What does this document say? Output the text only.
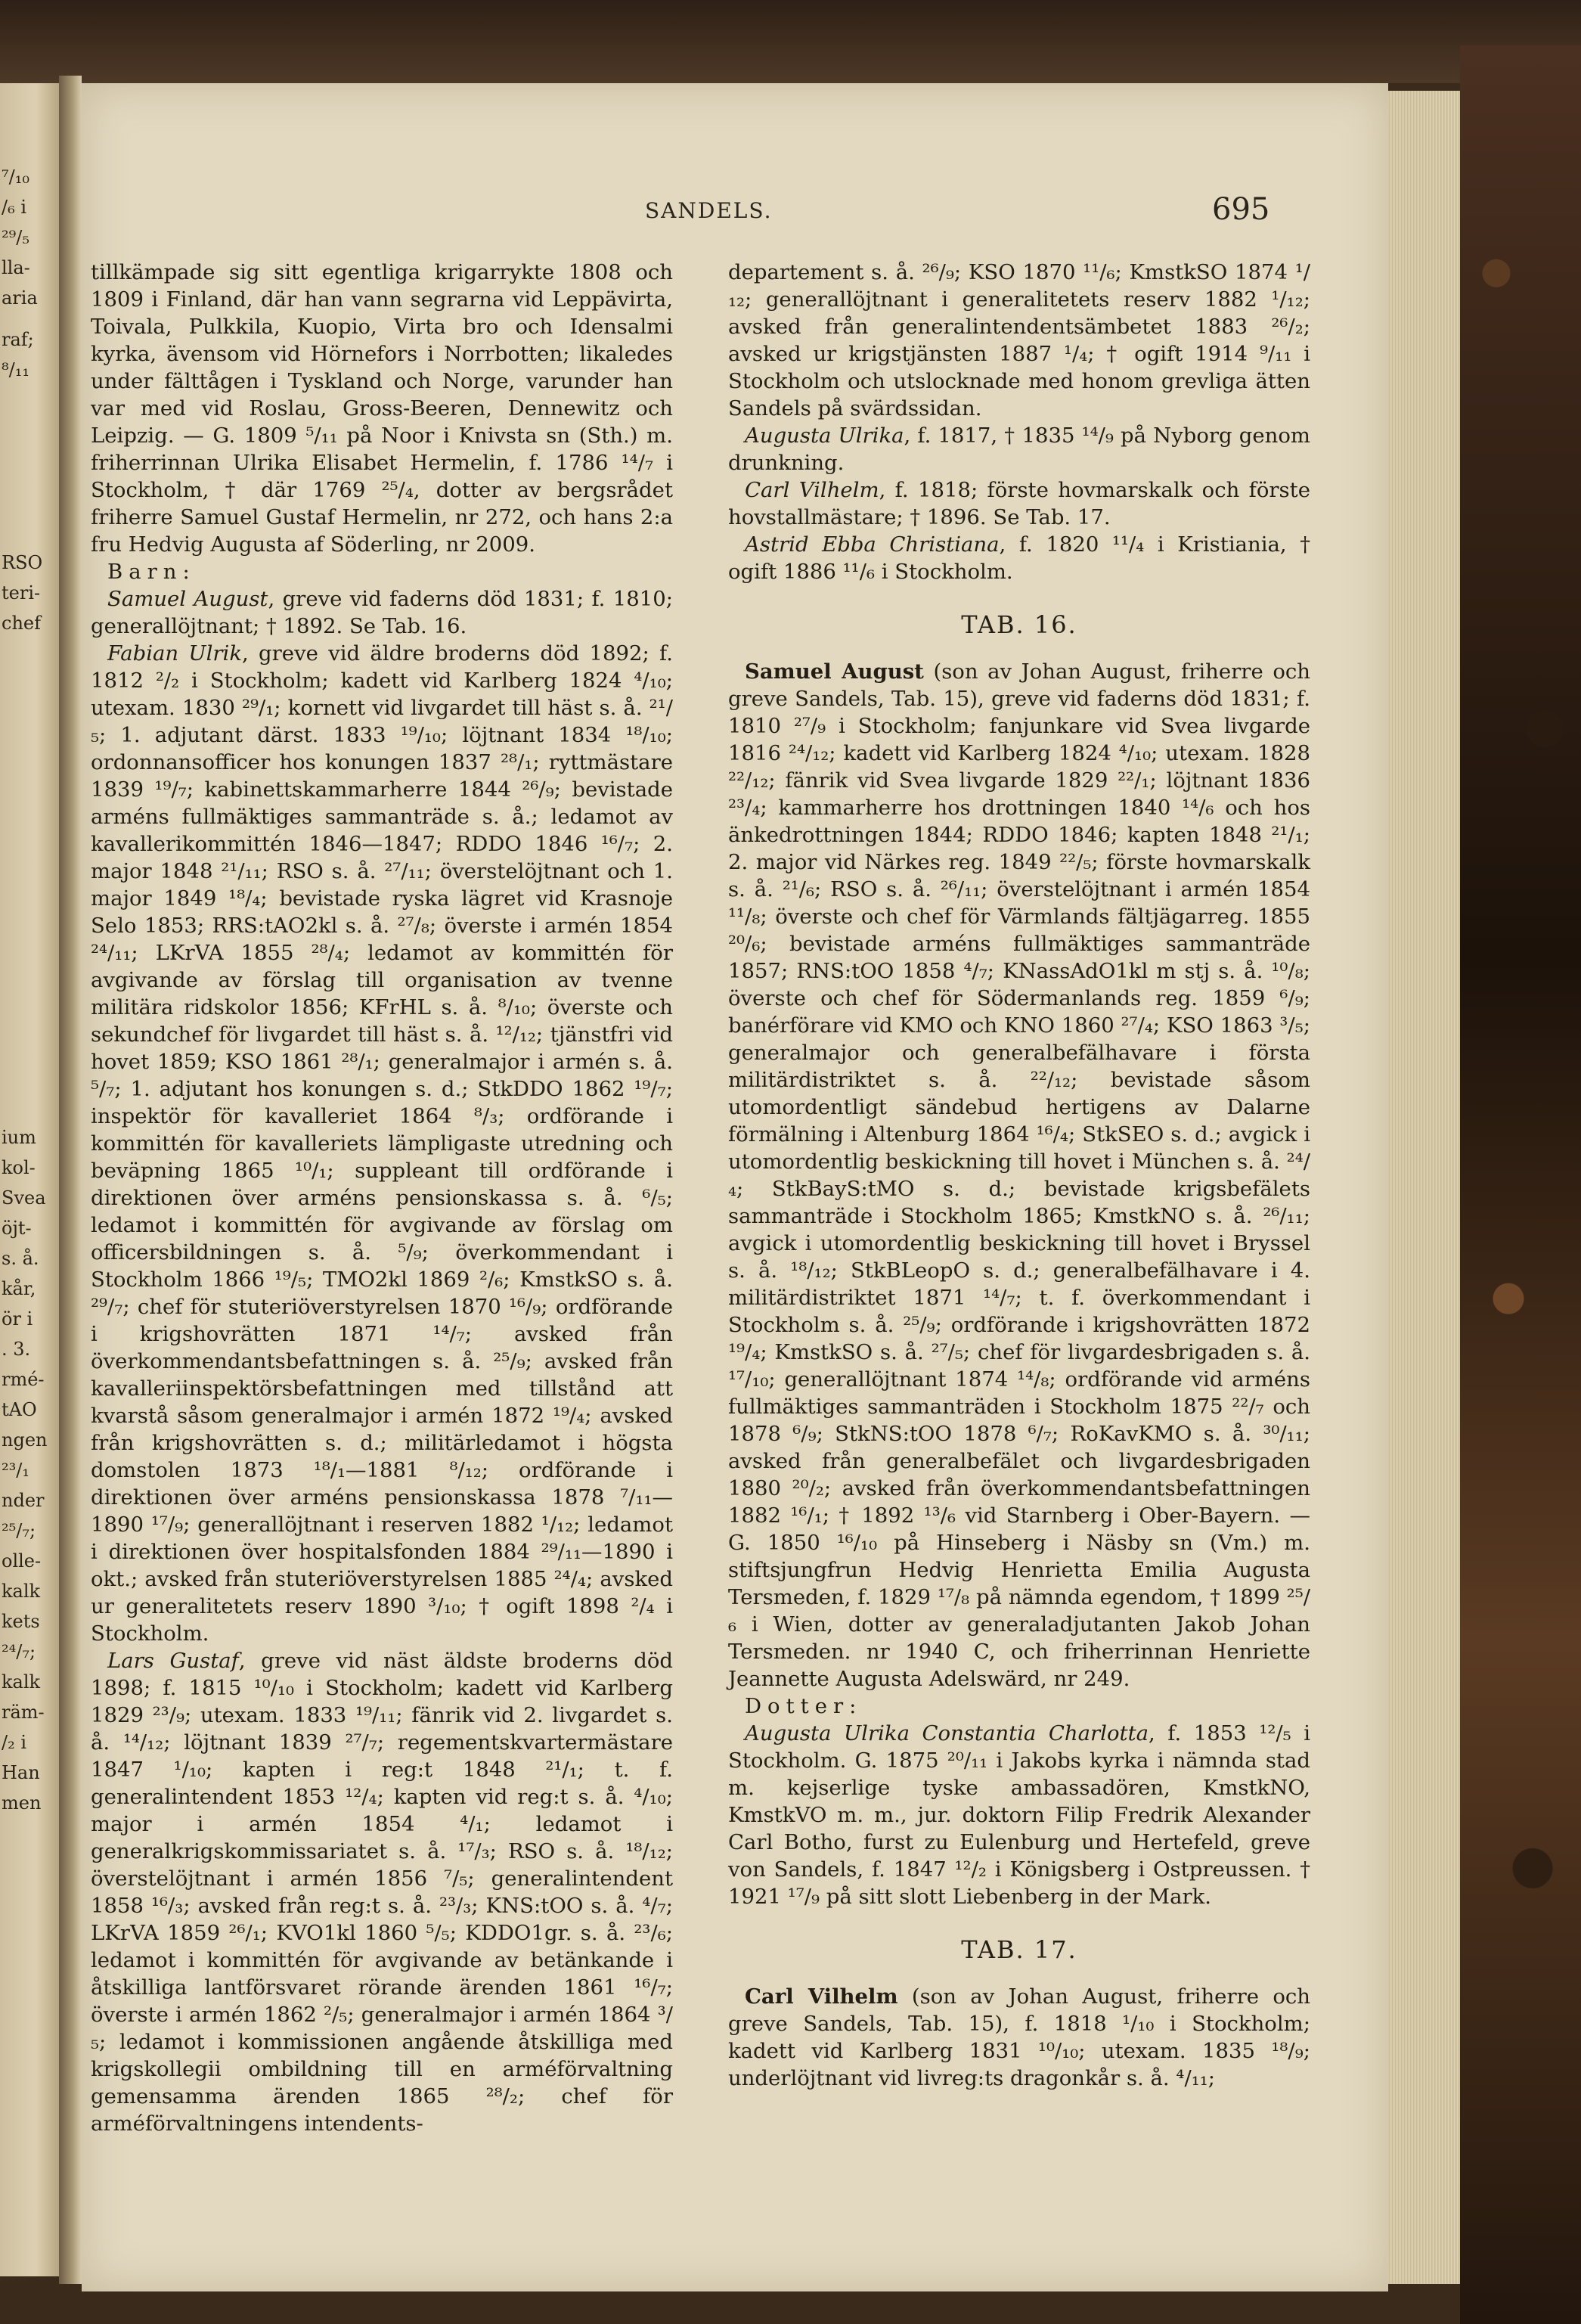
⁷/₁₀
/₆ i
²⁹/₅
lla-
aria
raf;
⁸/₁₁
RSO
teri-
chef
ium
kol-
Svea
öjt-
s. å.
kår,
ör i
. 3.
rmé-
tAO
ngen
²³/₁
nder
²⁵/₇;
olle-
kalk
kets
²⁴/₇;
kalk
räm-
/₂ i
Han
men
SANDELS.	695

tillkämpade sig sitt egentliga krigarrykte 1808 och 1809 i Finland, där han vann segrarna vid Leppävirta, Toivala, Pulkkila, Kuopio, Virta bro och Idensalmi kyrka, ävensom vid Hörnefors i Norrbotten; likaledes under fälttågen i Tyskland och Norge, varunder han var med vid Roslau, Gross-Beeren, Dennewitz och Leipzig. — G. 1809 ⁵/₁₁ på Noor i Knivsta sn (Sth.) m. friherrinnan Ulrika Elisabet Hermelin, f. 1786 ¹⁴/₇ i Stockholm, † där 1769 ²⁵/₄, dotter av bergsrådet friherre Samuel Gustaf Hermelin, nr 272, och hans 2:a fru Hedvig Augusta af Söderling, nr 2009.

Barn:

Samuel August, greve vid faderns död 1831; f. 1810; generallöjtnant; † 1892. Se Tab. 16.

Fabian Ulrik, greve vid äldre broderns död 1892; f. 1812 ²/₂ i Stockholm; kadett vid Karlberg 1824 ⁴/₁₀; utexam. 1830 ²⁹/₁; kornett vid livgardet till häst s. å. ²¹/₅; 1. adjutant därst. 1833 ¹⁹/₁₀; löjtnant 1834 ¹⁸/₁₀; ordonnansofficer hos konungen 1837 ²⁸/₁; ryttmästare 1839 ¹⁹/₇; kabinettskammarherre 1844 ²⁶/₉; bevistade arméns fullmäktiges sammanträde s. å.; ledamot av kavallerikommittén 1846—1847; RDDO 1846 ¹⁶/₇; 2. major 1848 ²¹/₁₁; RSO s. å. ²⁷/₁₁; överstelöjtnant och 1. major 1849 ¹⁸/₄; bevistade ryska lägret vid Krasnoje Selo 1853; RRS:tAO2kl s. å. ²⁷/₈; överste i armén 1854 ²⁴/₁₁; LKrVA 1855 ²⁸/₄; ledamot av kommittén för avgivande av förslag till organisation av tvenne militära ridskolor 1856; KFrHL s. å. ⁸/₁₀; överste och sekundchef för livgardet till häst s. å. ¹²/₁₂; tjänstfri vid hovet 1859; KSO 1861 ²⁸/₁; generalmajor i armén s. å. ⁵/₇; 1. adjutant hos konungen s. d.; StkDDO 1862 ¹⁹/₇; inspektör för kavalleriet 1864 ⁸/₃; ordförande i kommittén för kavalleriets lämpligaste utredning och beväpning 1865 ¹⁰/₁; suppleant till ordförande i direktionen över arméns pensionskassa s. å. ⁶/₅; ledamot i kommittén för avgivande av förslag om officersbildningen s. å. ⁵/₉; överkommendant i Stockholm 1866 ¹⁹/₅; TMO2kl 1869 ²/₆; KmstkSO s. å. ²⁹/₇; chef för stuteriöverstyrelsen 1870 ¹⁶/₉; ordförande i krigshovrätten 1871 ¹⁴/₇; avsked från överkommendantsbefattningen s. å. ²⁵/₉; avsked från kavalleriinspektörsbefattningen med tillstånd att kvarstå såsom generalmajor i armén 1872 ¹⁹/₄; avsked från krigshovrätten s. d.; militärledamot i högsta domstolen 1873 ¹⁸/₁—1881 ⁸/₁₂; ordförande i direktionen över arméns pensionskassa 1878 ⁷/₁₁—1890 ¹⁷/₉; generallöjtnant i reserven 1882 ¹/₁₂; ledamot i direktionen över hospitalsfonden 1884 ²⁹/₁₁—1890 i okt.; avsked från stuteriöverstyrelsen 1885 ²⁴/₄; avsked ur generalitetets reserv 1890 ³/₁₀; † ogift 1898 ²/₄ i Stockholm.

Lars Gustaf, greve vid näst äldste broderns död 1898; f. 1815 ¹⁰/₁₀ i Stockholm; kadett vid Karlberg 1829 ²³/₉; utexam. 1833 ¹⁹/₁₁; fänrik vid 2. livgardet s. å. ¹⁴/₁₂; löjtnant 1839 ²⁷/₇; regementskvartermästare 1847 ¹/₁₀; kapten i reg:t 1848 ²¹/₁; t. f. generalintendent 1853 ¹²/₄; kapten vid reg:t s. å. ⁴/₁₀; major i armén 1854 ⁴/₁; ledamot i generalkrigskommissariatet s. å. ¹⁷/₃; RSO s. å. ¹⁸/₁₂; överstelöjtnant i armén 1856 ⁷/₅; generalintendent 1858 ¹⁶/₃; avsked från reg:t s. å. ²³/₃; KNS:tOO s. å. ⁴/₇; LKrVA 1859 ²⁶/₁; KVO1kl 1860 ⁵/₅; KDDO1gr. s. å. ²³/₆; ledamot i kommittén för avgivande av betänkande i åtskilliga lantförsvaret rörande ärenden 1861 ¹⁶/₇; överste i armén 1862 ²/₅; generalmajor i armén 1864 ³/₅; ledamot i kommissionen angående åtskilliga med krigskollegii ombildning till en arméförvaltning gemensamma ärenden 1865 ²⁸/₂; chef för arméförvaltningens intendents-

departement s. å. ²⁶/₉; KSO 1870 ¹¹/₆; KmstkSO 1874 ¹/₁₂; generallöjtnant i generalitetets reserv 1882 ¹/₁₂; avsked från generalintendentsämbetet 1883 ²⁶/₂; avsked ur krigstjänsten 1887 ¹/₄; † ogift 1914 ⁹/₁₁ i Stockholm och utslocknade med honom grevliga ätten Sandels på svärdssidan.

Augusta Ulrika, f. 1817, † 1835 ¹⁴/₉ på Nyborg genom drunkning.

Carl Vilhelm, f. 1818; förste hovmarskalk och förste hovstallmästare; † 1896. Se Tab. 17.

Astrid Ebba Christiana, f. 1820 ¹¹/₄ i Kristiania, † ogift 1886 ¹¹/₆ i Stockholm.

TAB. 16.

Samuel August (son av Johan August, friherre och greve Sandels, Tab. 15), greve vid faderns död 1831; f. 1810 ²⁷/₉ i Stockholm; fanjunkare vid Svea livgarde 1816 ²⁴/₁₂; kadett vid Karlberg 1824 ⁴/₁₀; utexam. 1828 ²²/₁₂; fänrik vid Svea livgarde 1829 ²²/₁; löjtnant 1836 ²³/₄; kammarherre hos drottningen 1840 ¹⁴/₆ och hos änkedrottningen 1844; RDDO 1846; kapten 1848 ²¹/₁; 2. major vid Närkes reg. 1849 ²²/₅; förste hovmarskalk s. å. ²¹/₆; RSO s. å. ²⁶/₁₁; överstelöjtnant i armén 1854 ¹¹/₈; överste och chef för Värmlands fältjägarreg. 1855 ²⁰/₆; bevistade arméns fullmäktiges sammanträde 1857; RNS:tOO 1858 ⁴/₇; KNassAdO1kl m stj s. å. ¹⁰/₈; överste och chef för Södermanlands reg. 1859 ⁶/₉; banérförare vid KMO och KNO 1860 ²⁷/₄; KSO 1863 ³/₅; generalmajor och generalbefälhavare i första militärdistriktet s. å. ²²/₁₂; bevistade såsom utomordentligt sändebud hertigens av Dalarne förmälning i Altenburg 1864 ¹⁶/₄; StkSEO s. d.; avgick i utomordentlig beskickning till hovet i München s. å. ²⁴/₄; StkBayS:tMO s. d.; bevistade krigsbefälets sammanträde i Stockholm 1865; KmstkNO s. å. ²⁶/₁₁; avgick i utomordentlig beskickning till hovet i Bryssel s. å. ¹⁸/₁₂; StkBLeopO s. d.; generalbefälhavare i 4. militärdistriktet 1871 ¹⁴/₇; t. f. överkommendant i Stockholm s. å. ²⁵/₉; ordförande i krigshovrätten 1872 ¹⁹/₄; KmstkSO s. å. ²⁷/₅; chef för livgardesbrigaden s. å. ¹⁷/₁₀; generallöjtnant 1874 ¹⁴/₈; ordförande vid arméns fullmäktiges sammanträden i Stockholm 1875 ²²/₇ och 1878 ⁶/₉; StkNS:tOO 1878 ⁶/₇; RoKavKMO s. å. ³⁰/₁₁; avsked från generalbefälet och livgardesbrigaden 1880 ²⁰/₂; avsked från överkommendantsbefattningen 1882 ¹⁶/₁; † 1892 ¹³/₆ vid Starnberg i Ober-Bayern. — G. 1850 ¹⁶/₁₀ på Hinseberg i Näsby sn (Vm.) m. stiftsjungfrun Hedvig Henrietta Emilia Augusta Tersmeden, f. 1829 ¹⁷/₈ på nämnda egendom, † 1899 ²⁵/₆ i Wien, dotter av generaladjutanten Jakob Johan Tersmeden. nr 1940 C, och friherrinnan Henriette Jeannette Augusta Adelswärd, nr 249.

Dotter:

Augusta Ulrika Constantia Charlotta, f. 1853 ¹²/₅ i Stockholm. G. 1875 ²⁰/₁₁ i Jakobs kyrka i nämnda stad m. kejserlige tyske ambassadören, KmstkNO, KmstkVO m. m., jur. doktorn Filip Fredrik Alexander Carl Botho, furst zu Eulenburg und Hertefeld, greve von Sandels, f. 1847 ¹²/₂ i Königsberg i Ostpreussen. † 1921 ¹⁷/₉ på sitt slott Liebenberg in der Mark.

TAB. 17.

Carl Vilhelm (son av Johan August, friherre och greve Sandels, Tab. 15), f. 1818 ¹/₁₀ i Stockholm; kadett vid Karlberg 1831 ¹⁰/₁₀; utexam. 1835 ¹⁸/₉; underlöjtnant vid livreg:ts dragonkår s. å. ⁴/₁₁;
